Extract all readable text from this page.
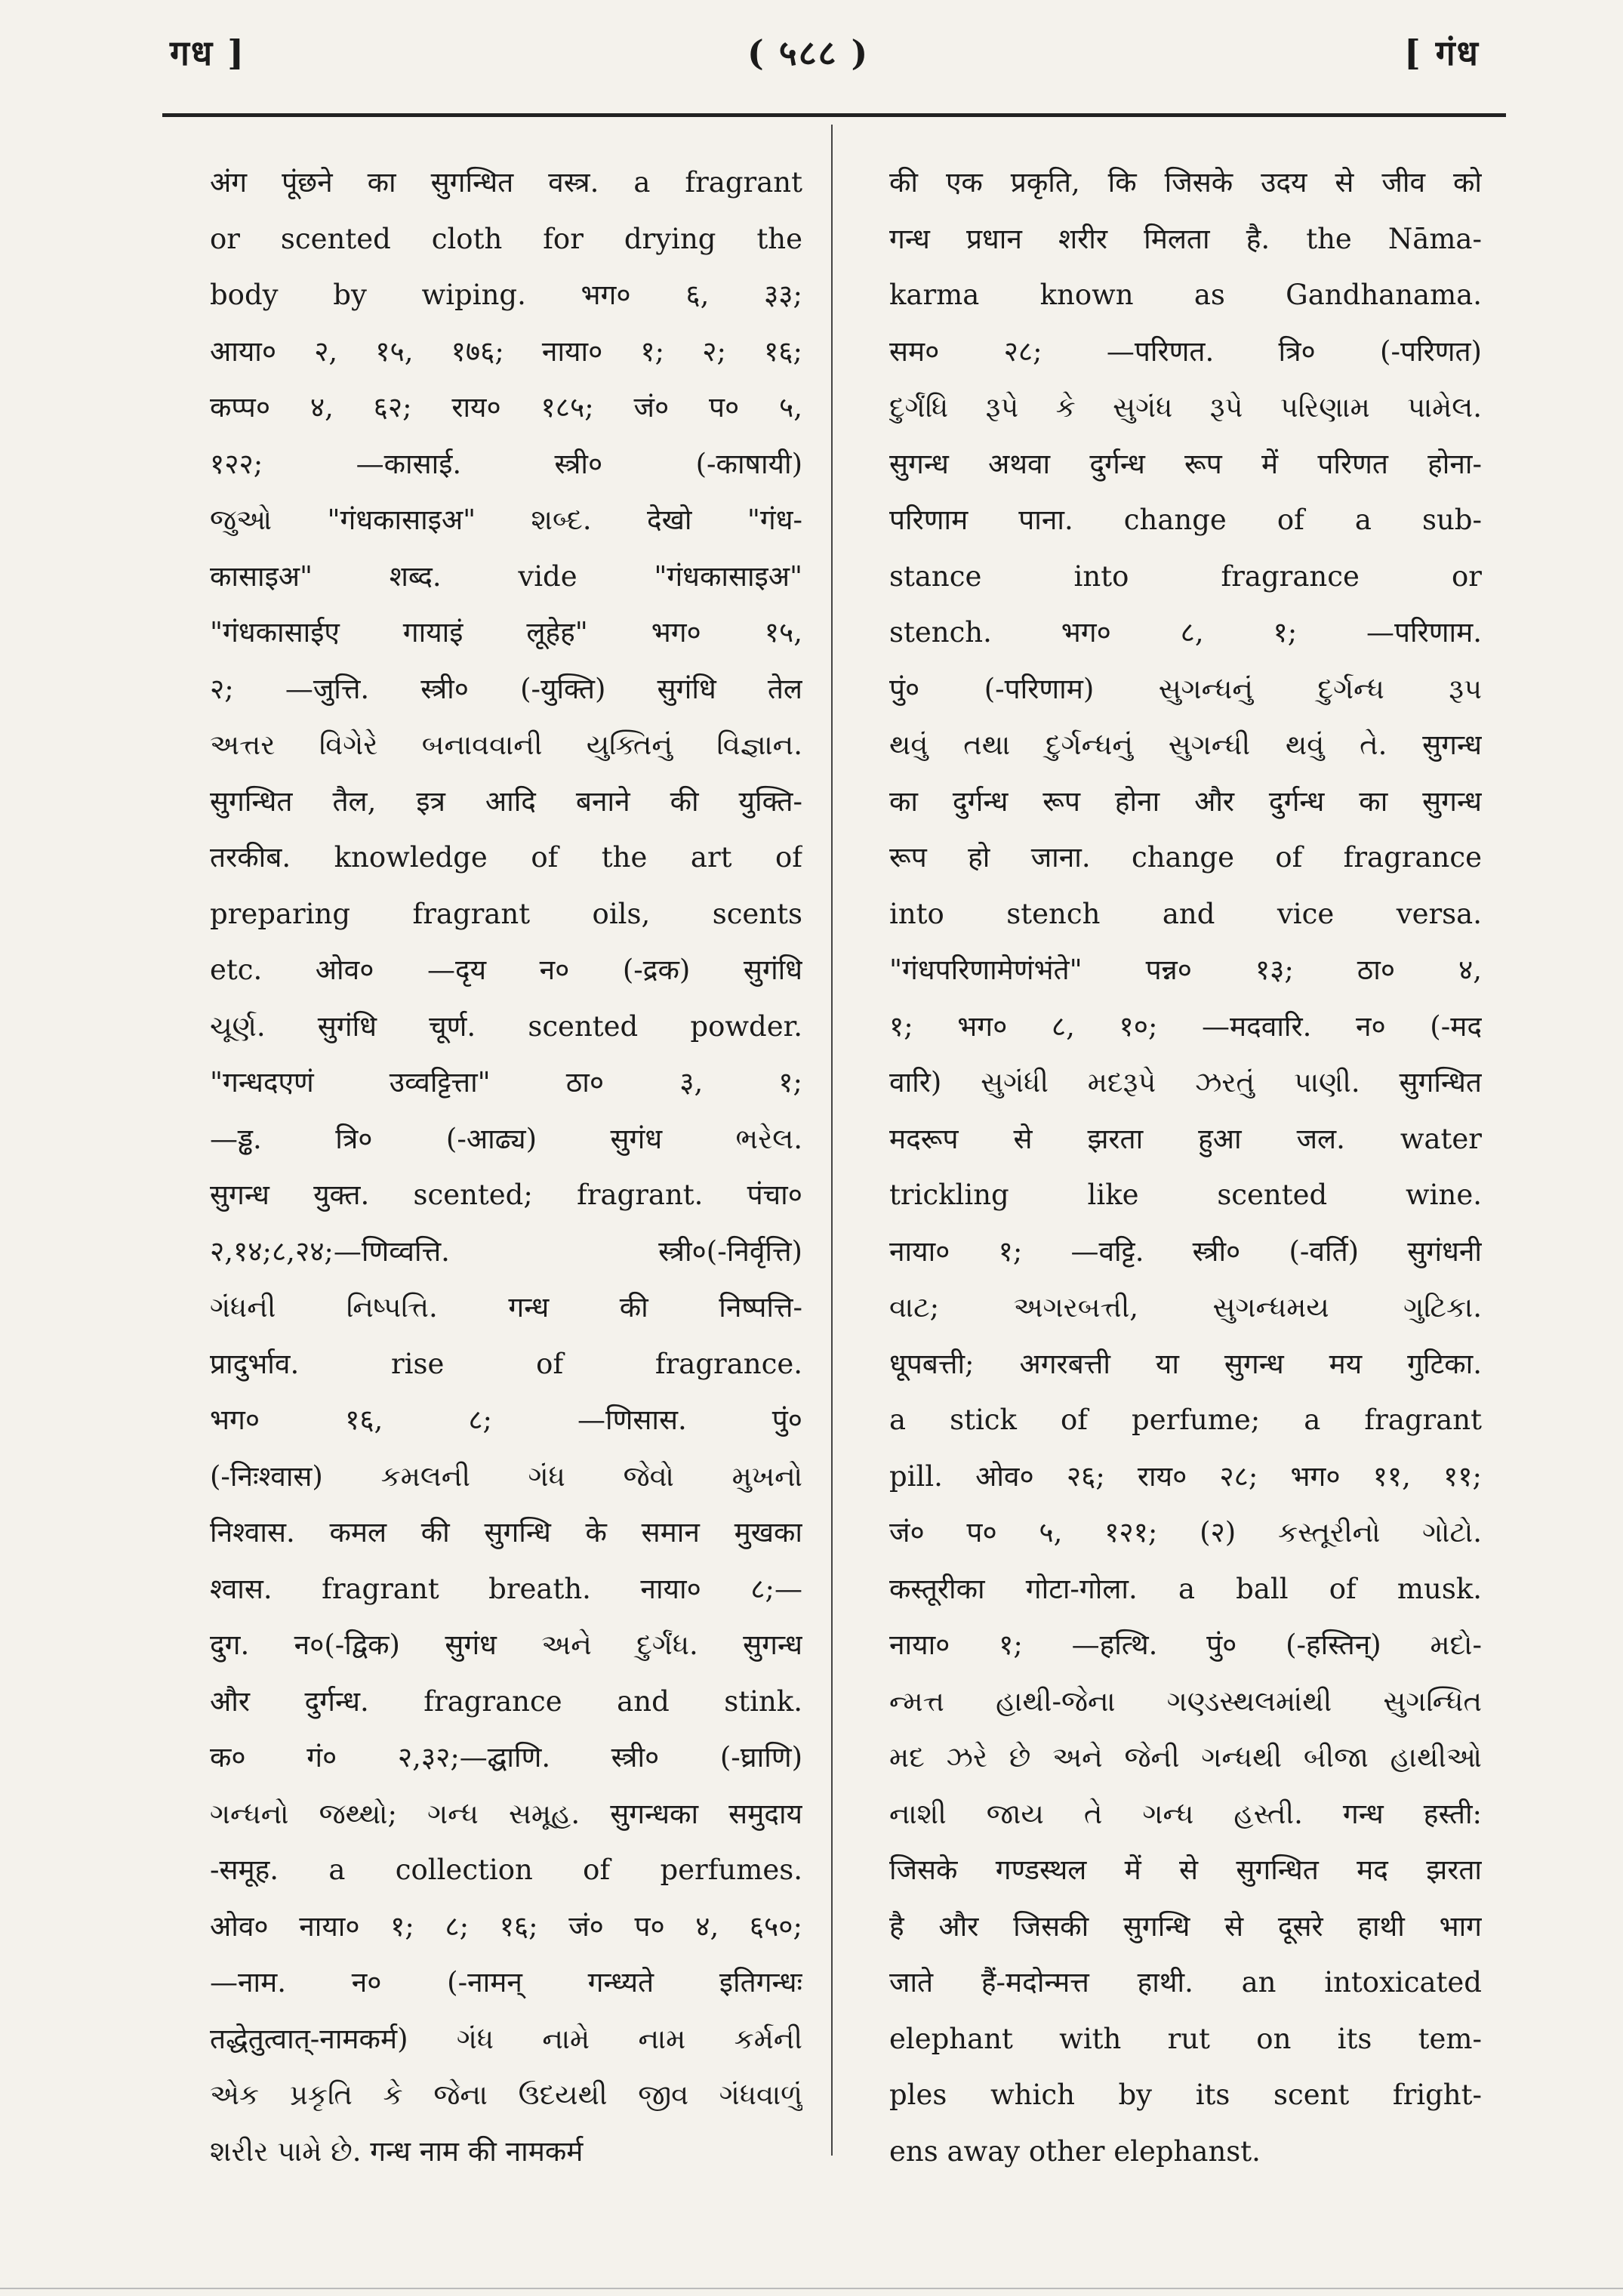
गध ]	( ५८८ )	[ गंध
अंग पूंछने का सुगन्धित वस्त्र. a fragrant
or scented cloth for drying the
body by wiping. भग० ६, ३३;
आया० २, १५, १७६; नाया० १; २; १६;
कप्प० ४, ६२; राय० १८५; जं० प० ५,
१२२; —कासाई. स्त्री० (-काषायी)
જુઓ "गंधकासाइअ" શબ્દ. देखो "गंध-
कासाइअ" शब्द. vide "गंधकासाइअ"
"गंधकासाईए गायाइं लूहेह" भग० १५,
२; —जुत्ति. स्त्री० (-युक्ति) सुगंधि तेल
અત્તર વિગેરે બનાવવાની યુક્તિનું વિજ્ઞાન.
सुगन्धित तैल, इत्र आदि बनाने की युक्ति-
तरकीब. knowledge of the art of
preparing fragrant oils, scents
etc. ओव० —दृय न० (-द्रक) सुगंधि
ચૂર્ણ. सुगंधि चूर्ण. scented powder.
"गन्धदएणं उव्वट्टित्ता" ठा० ३, १;
—ड्ढ. त्रि० (-आढ्य) सुगंध ભરેલ.
सुगन्ध युक्त. scented; fragrant. पंचा०
२,१४;८,२४;—णिव्वत्ति. स्त्री०(-निर्वृत्ति)
ગંધની નિષ્પત્તિ. गन्ध की निष्पत्ति-
प्रादुर्भाव. rise of fragrance.
भग० १६, ८; —णिसास. पुं०
(-निःश्वास) કમલની ગંધ જેવો મુખનો
निश्वास. कमल की सुगन्धि के समान मुखका
श्वास. fragrant breath. नाया० ८;—
दुग. न०(-द्विक) सुगंध અને દુર્ગંધ. सुगन्ध
और दुर्गन्ध. fragrance and stink.
क० गं० २,३२;—द्घाणि. स्त्री० (-घ्राणि)
ગન્ધનો જથ્થો; ગન્ધ સમૂહ. सुगन्धका समुदाय
-समूह. a collection of perfumes.
ओव० नाया० १; ८; १६; जं० प० ४, ६५०;
—नाम. न० (-नामन् गन्ध्यते इतिगन्धः
तद्धेतुत्वात्-नामकर्म) ગંધ નામે નામ કર્મની
એક પ્રકૃતિ કે જેના ઉદયથી જીવ ગંધવાળું
શરીર પામે છે. गन्ध नाम की नामकर्म
की एक प्रकृति, कि जिसके उदय से जीव को
गन्ध प्रधान शरीर मिलता है. the Nāma-
karma known as Gandhanama.
सम० २८; —परिणत. त्रि० (-परिणत)
દુર્ગંધિ રૂપે કે સુગંધ રૂપે પરિણામ પામેલ.
सुगन्ध अथवा दुर्गन्ध रूप में परिणत होना-
परिणाम पाना. change of a sub-
stance into fragrance or
stench. भग० ८, १; —परिणाम.
पुं० (-परिणाम) સુગન્ધનું દુર્ગન્ધ રૂપ
થવું તથા દુર્ગન્ધનું સુગન્ધી થવું તે. सुगन्ध
का दुर्गन्ध रूप होना और दुर्गन्ध का सुगन्ध
रूप हो जाना. change of fragrance
into stench and vice versa.
"गंधपरिणामेणंभंते" पन्न० १३; ठा० ४,
१; भग० ८, १०; —मदवारि. न० (-मद
वारि) સુગંધી મદરૂપે ઝરતું પાણી. सुगन्धित
मदरूप से झरता हुआ जल. water
trickling like scented wine.
नाया० १; —वट्टि. स्त्री० (-वर्ति) सुगंधनी
વાટ; અગરબત્તી, સુગન્ધમય ગુટિકા.
धूपबत्ती; अगरबत्ती या सुगन्ध मय गुटिका.
a stick of perfume; a fragrant
pill. ओव० २६; राय० २८; भग० ११, ११;
जं० प० ५, १२१; (२) કસ્તૂરીનો ગોટો.
कस्तूरीका गोटा-गोला. a ball of musk.
नाया० १; —हत्थि. पुं० (-हस्तिन्) મદો-
ન્મત્ત હાથી-જેના ગણ્ડસ્થલમાંથી સુગન્ધિત
મદ ઝરે છે અને જેની ગન્ધથી બીજા હાથીઓ
નાશી જાય તે ગન્ધ હસ્તી. गन्ध हस्ती:
जिसके गण्डस्थल में से सुगन्धित मद झरता
है और जिसकी सुगन्धि से दूसरे हाथी भाग
जाते हैं-मदोन्मत्त हाथी. an intoxicated
elephant with rut on its tem-
ples which by its scent fright-
ens away other elephanst.
